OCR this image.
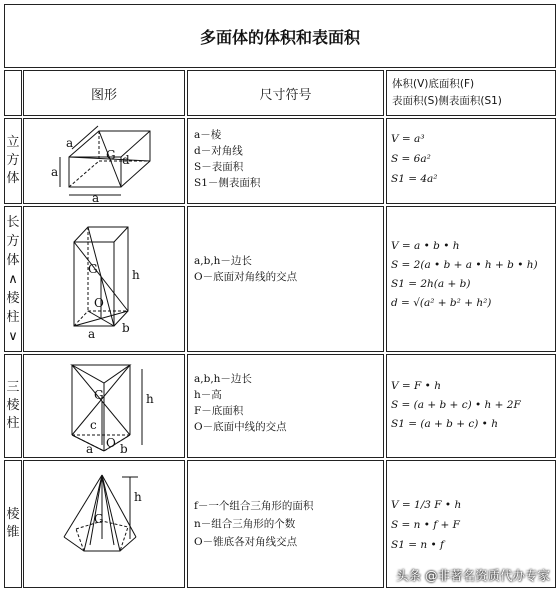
多面体的体积和表面积
图形	尺寸符号
体积(V)底面积(F)
表面积(S)侧表面积(S1)
立
方
体
a
a
a
G d
a－棱
d－对角线
S－表面积
S1－侧表面积
V = a³
S = 6a²
S1 = 4a²
长
方
体
∧
棱
柱
∨
G	h
O
a b
a,b,h－边长
O－底面对角线的交点
V = a • b • h
S = 2(a • b + a • h + b • h)
S1 = 2h(a + b)
d = √(a² + b² + h²)
三
棱
柱
h
G
a
c
b
O
a,b,h－边长
h－高
F－底面积
O－底面中线的交点
V = F • h
S = (a + b + c) • h + 2F
S1 = (a + b + c) • h
棱
锥
h
G
f－一个组合三角形的面积
n－组合三角形的个数
O－锥底各对角线交点
V = 1/3 F • h
S = n • f + F
S1 = n • f
头条 @非著名资质代办专家
